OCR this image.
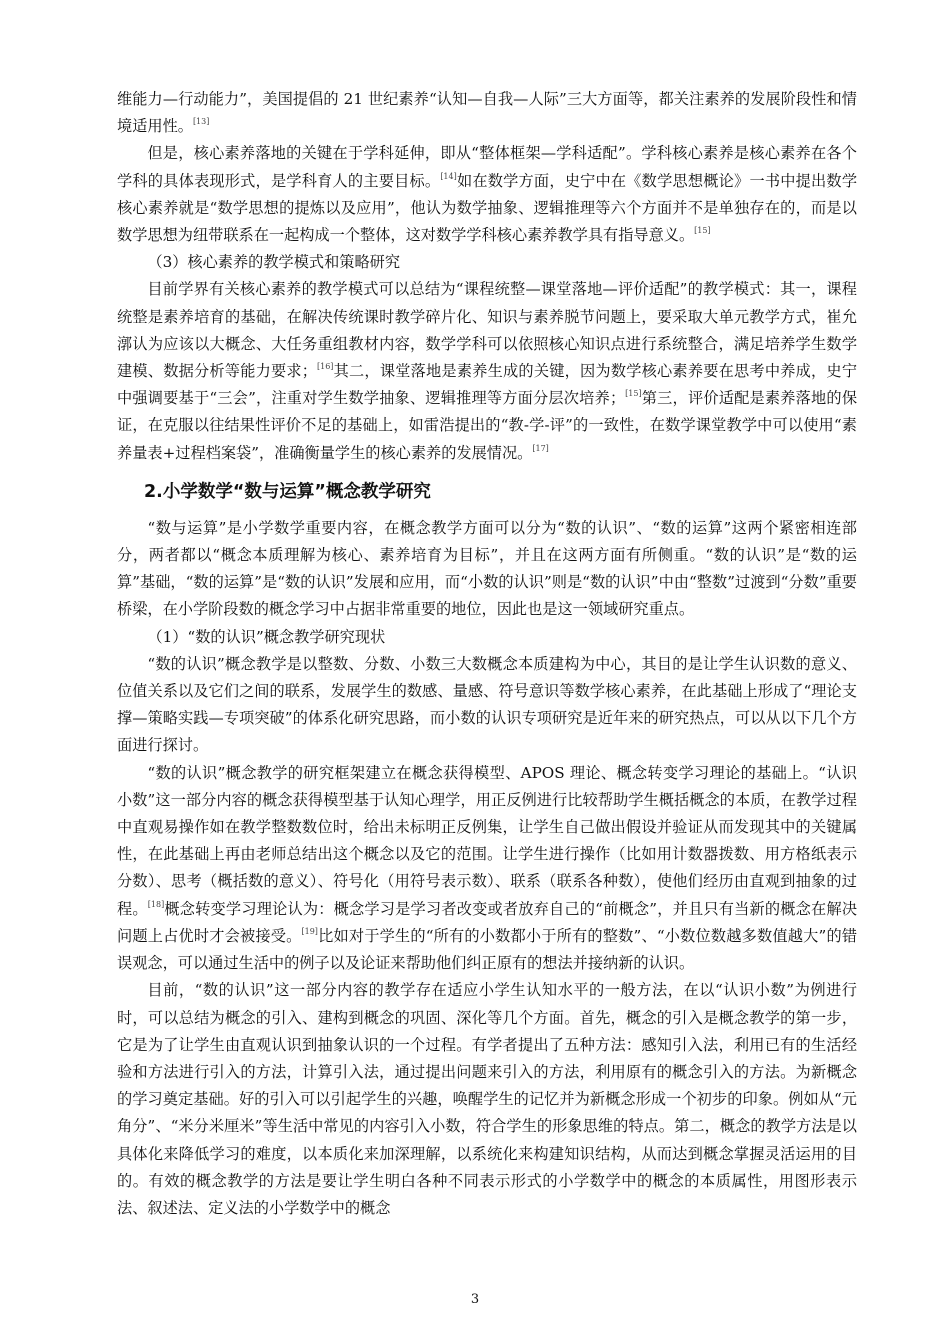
维能力—行动能力”，美国提倡的 21 世纪素养“认知—自我—人际”三大方面等，都关注素养的发展阶段性和情境适用性。[13]

但是，核心素养落地的关键在于学科延伸，即从“整体框架—学科适配”。学科核心素养是核心素养在各个学科的具体表现形式，是学科育人的主要目标。[14]如在数学方面，史宁中在《数学思想概论》一书中提出数学核心素养就是“数学思想的提炼以及应用”，他认为数学抽象、逻辑推理等六个方面并不是单独存在的，而是以数学思想为纽带联系在一起构成一个整体，这对数学学科核心素养教学具有指导意义。[15]

（3）核心素养的教学模式和策略研究

目前学界有关核心素养的教学模式可以总结为“课程统整—课堂落地—评价适配”的教学模式：其一，课程统整是素养培育的基础，在解决传统课时教学碎片化、知识与素养脱节问题上，要采取大单元教学方式，崔允漷认为应该以大概念、大任务重组教材内容，数学学科可以依照核心知识点进行系统整合，满足培养学生数学建模、数据分析等能力要求；[16]其二，课堂落地是素养生成的关键，因为数学核心素养要在思考中养成，史宁中强调要基于“三会”，注重对学生数学抽象、逻辑推理等方面分层次培养；[15]第三，评价适配是素养落地的保证，在克服以往结果性评价不足的基础上，如雷浩提出的“教-学-评”的一致性，在数学课堂教学中可以使用“素养量表+过程档案袋”，准确衡量学生的核心素养的发展情况。[17]

2.小学数学“数与运算”概念教学研究

“数与运算”是小学数学重要内容，在概念教学方面可以分为“数的认识”、“数的运算”这两个紧密相连部分，两者都以“概念本质理解为核心、素养培育为目标”，并且在这两方面有所侧重。“数的认识”是“数的运算”基础，“数的运算”是“数的认识”发展和应用，而“小数的认识”则是“数的认识”中由“整数”过渡到“分数”重要桥梁，在小学阶段数的概念学习中占据非常重要的地位，因此也是这一领域研究重点。

（1）“数的认识”概念教学研究现状

“数的认识”概念教学是以整数、分数、小数三大数概念本质建构为中心，其目的是让学生认识数的意义、位值关系以及它们之间的联系，发展学生的数感、量感、符号意识等数学核心素养，在此基础上形成了“理论支撑—策略实践—专项突破”的体系化研究思路，而小数的认识专项研究是近年来的研究热点，可以从以下几个方面进行探讨。

“数的认识”概念教学的研究框架建立在概念获得模型、APOS 理论、概念转变学习理论的基础上。“认识小数”这一部分内容的概念获得模型基于认知心理学，用正反例进行比较帮助学生概括概念的本质，在教学过程中直观易操作如在教学整数数位时，给出未标明正反例集，让学生自己做出假设并验证从而发现其中的关键属性，在此基础上再由老师总结出这个概念以及它的范围。让学生进行操作（比如用计数器拨数、用方格纸表示分数）、思考（概括数的意义）、符号化（用符号表示数）、联系（联系各种数），使他们经历由直观到抽象的过程。[18]概念转变学习理论认为：概念学习是学习者改变或者放弃自己的“前概念”，并且只有当新的概念在解决问题上占优时才会被接受。[19]比如对于学生的“所有的小数都小于所有的整数”、“小数位数越多数值越大”的错误观念，可以通过生活中的例子以及论证来帮助他们纠正原有的想法并接纳新的认识。

目前，“数的认识”这一部分内容的教学存在适应小学生认知水平的一般方法，在以“认识小数”为例进行时，可以总结为概念的引入、建构到概念的巩固、深化等几个方面。首先，概念的引入是概念教学的第一步，它是为了让学生由直观认识到抽象认识的一个过程。有学者提出了五种方法：感知引入法，利用已有的生活经验和方法进行引入的方法，计算引入法，通过提出问题来引入的方法，利用原有的概念引入的方法。为新概念的学习奠定基础。好的引入可以引起学生的兴趣，唤醒学生的记忆并为新概念形成一个初步的印象。例如从“元角分”、“米分米厘米”等生活中常见的内容引入小数，符合学生的形象思维的特点。第二，概念的教学方法是以具体化来降低学习的难度，以本质化来加深理解，以系统化来构建知识结构，从而达到概念掌握灵活运用的目的。有效的概念教学的方法是要让学生明白各种不同表示形式的小学数学中的概念的本质属性，用图形表示法、叙述法、定义法的小学数学中的概念

3
